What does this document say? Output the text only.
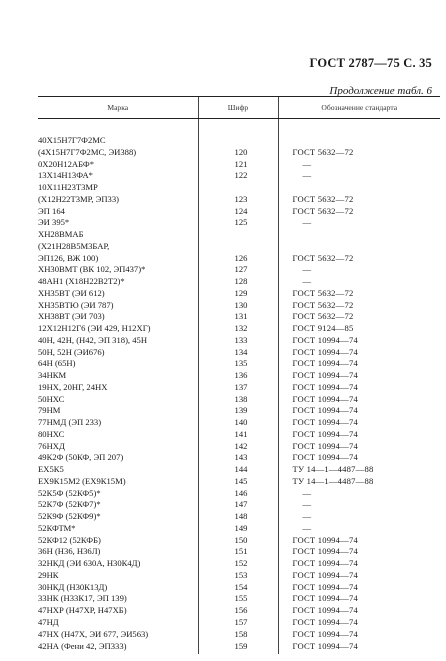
ГОСТ 2787—75 С. 35
Продолжение табл. 6
Марка	Шифр	Обозначение стандарта
40Х15Н7Г7Ф2МС		
(4Х15Н7Г7Ф2МС, ЭИ388)	120	ГОСТ 5632—72
0Х20Н12АБФ*	121	—
13Х14Н13ФА*	122	—
10Х11Н23Т3МР		
(Х12Н22Т3МР, ЭП33)	123	ГОСТ 5632—72
ЭП 164	124	ГОСТ 5632—72
ЭИ 395*	125	—
ХН28ВМАБ		
(Х21Н28В5М3БАР,		
ЭП126, ВЖ 100)	126	ГОСТ 5632—72
ХН30ВМТ (ВК 102, ЭП437)*	127	—
48АН1 (Х18Н22В2Т2)*	128	—
ХН35ВТ (ЭИ 612)	129	ГОСТ 5632—72
ХН35ВТЮ (ЭИ 787)	130	ГОСТ 5632—72
ХН38ВТ (ЭИ 703)	131	ГОСТ 5632—72
12Х12Н12Г6 (ЭИ 429, Н12ХГ)	132	ГОСТ 9124—85
40Н, 42Н, (Н42, ЭП 318), 45Н	133	ГОСТ 10994—74
50Н, 52Н (ЭИ676)	134	ГОСТ 10994—74
64Н (65Н)	135	ГОСТ 10994—74
34НКМ	136	ГОСТ 10994—74
19НХ, 20НГ, 24НХ	137	ГОСТ 10994—74
50НХС	138	ГОСТ 10994—74
79НМ	139	ГОСТ 10994—74
77НМД (ЭП 233)	140	ГОСТ 10994—74
80НХС	141	ГОСТ 10994—74
76НХД	142	ГОСТ 10994—74
49К2Ф (50КФ, ЭП 207)	143	ГОСТ 10994—74
ЕХ5К5	144	ТУ 14—1—4487—88
ЕХ9К15М2 (ЕХ9К15М)	145	ТУ 14—1—4487—88
52К5Ф (52КФ5)*	146	—
52К7Ф (52КФ7)*	147	—
52К9Ф (52КФ9)*	148	—
52КФТМ*	149	—
52КФ12 (52КФБ)	150	ГОСТ 10994—74
36Н (Н36, Н36Л)	151	ГОСТ 10994—74
32НКД (ЭИ 630А, Н30К4Д)	152	ГОСТ 10994—74
29НК	153	ГОСТ 10994—74
30НКД (Н30К13Д)	154	ГОСТ 10994—74
33НК (Н33К17, ЭП 139)	155	ГОСТ 10994—74
47НХР (Н47ХР, Н47ХБ)	156	ГОСТ 10994—74
47НД	157	ГОСТ 10994—74
47НХ (Н47Х, ЭИ 677, ЭИ563)	158	ГОСТ 10994—74
42НА (Фени 42, ЭП333)	159	ГОСТ 10994—74
